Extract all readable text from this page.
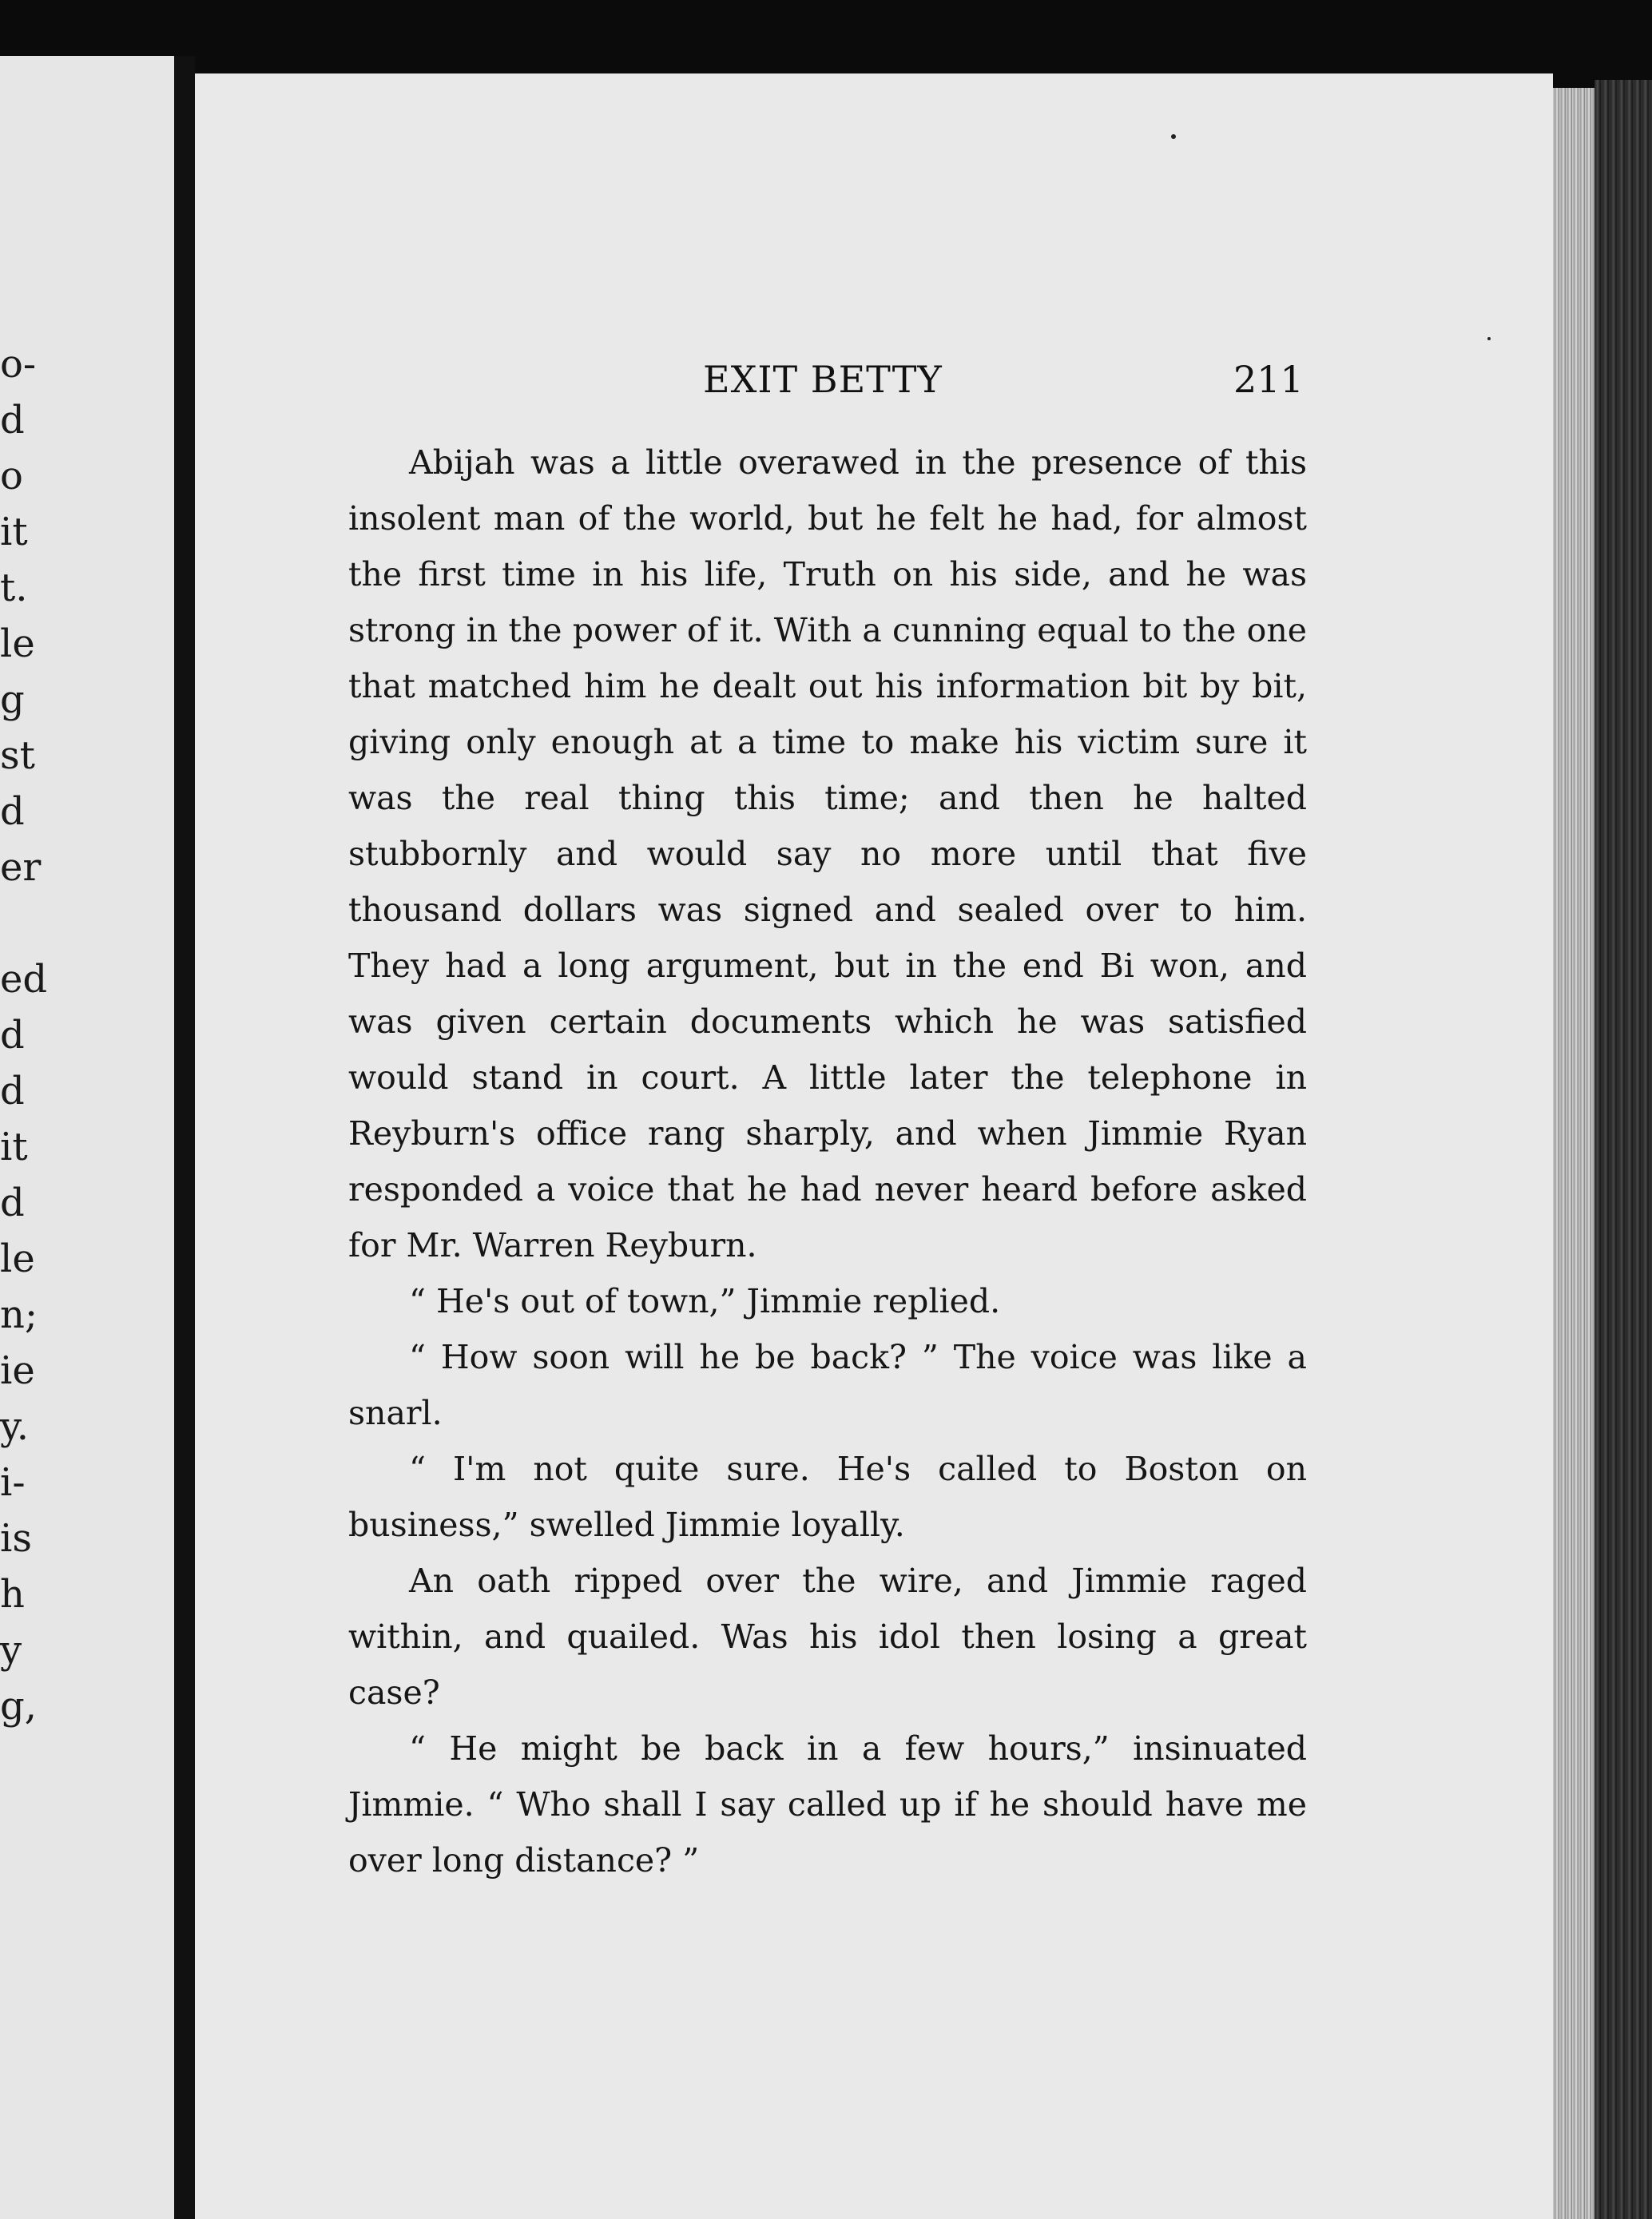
o-
d
o
it
t.
le
g
st
d
er
ed
d
d
it
d
le
n;
ie
y.
i-
is
h
y
g,
EXIT BETTY	211

Abijah was a little overawed in the presence of this insolent man of the world, but he felt he had, for almost the first time in his life, Truth on his side, and he was strong in the power of it. With a cunning equal to the one that matched him he dealt out his information bit by bit, giving only enough at a time to make his victim sure it was the real thing this time; and then he halted stubbornly and would say no more until that five thousand dollars was signed and sealed over to him. They had a long argument, but in the end Bi won, and was given certain documents which he was satisfied would stand in court. A little later the telephone in Reyburn's office rang sharply, and when Jimmie Ryan responded a voice that he had never heard before asked for Mr. Warren Reyburn.

“ He's out of town,” Jimmie replied.

“ How soon will he be back? ” The voice was like a snarl.

“ I'm not quite sure. He's called to Boston on business,” swelled Jimmie loyally.

An oath ripped over the wire, and Jimmie raged within, and quailed. Was his idol then losing a great case?

“ He might be back in a few hours,” insinuated Jimmie. “ Who shall I say called up if he should have me over long distance? ”
